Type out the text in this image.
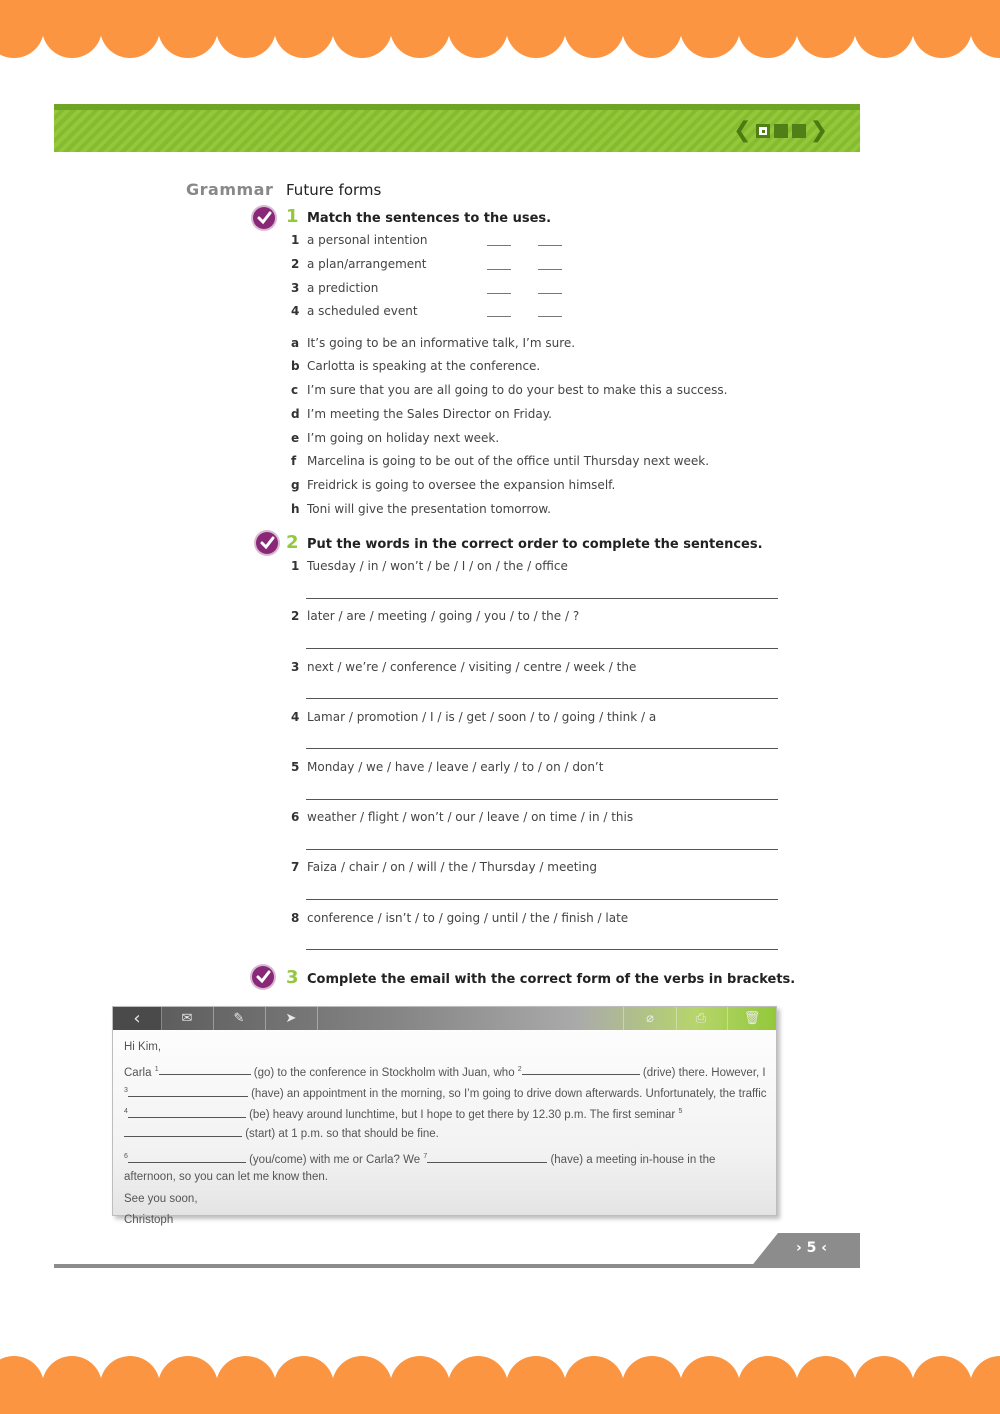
❮	❯
Grammar Future forms
1 Match the sentences to the uses.
1 a personal intention
2 a plan/arrangement
3 a prediction
4 a scheduled event
a It’s going to be an informative talk, I’m sure.
b Carlotta is speaking at the conference.
c I’m sure that you are all going to do your best to make this a success.
d I’m meeting the Sales Director on Friday.
e I’m going on holiday next week.
f Marcelina is going to be out of the office until Thursday next week.
g Freidrick is going to oversee the expansion himself.
h Toni will give the presentation tomorrow.
2 Put the words in the correct order to complete the sentences.
1 Tuesday / in / won’t / be / I / on / the / office
2 later / are / meeting / going / you / to / the / ?
3 next / we’re / conference / visiting / centre / week / the
4 Lamar / promotion / I / is / get / soon / to / going / think / a
5 Monday / we / have / leave / early / to / on / don’t
6 weather / flight / won’t / our / leave / on time / in / this
7 Faiza / chair / on / will / the / Thursday / meeting
8 conference / isn’t / to / going / until / the / finish / late
3 Complete the email with the correct form of the verbs in brackets.
‹	✉	✎	➤	⌀	⎙	🗑

Hi Kim,

Carla $^1$	(go) to the conference in Stockholm with Juan, who $^2$	(drive) there. However, I $^3$	(have) an appointment in the morning, so I’m going to drive down afterwards. Unfortunately, the traffic $^4$	(be) heavy around lunchtime, but I hope to get there by 12.30 p.m. The first seminar $^5$ (start) at 1 p.m. so that should be fine.

$^6$	(you/come) with me or Carla? We $^7$	(have) a meeting in-house in the afternoon, so you can let me know then.

See you soon,

Christoph

› 5 ‹
